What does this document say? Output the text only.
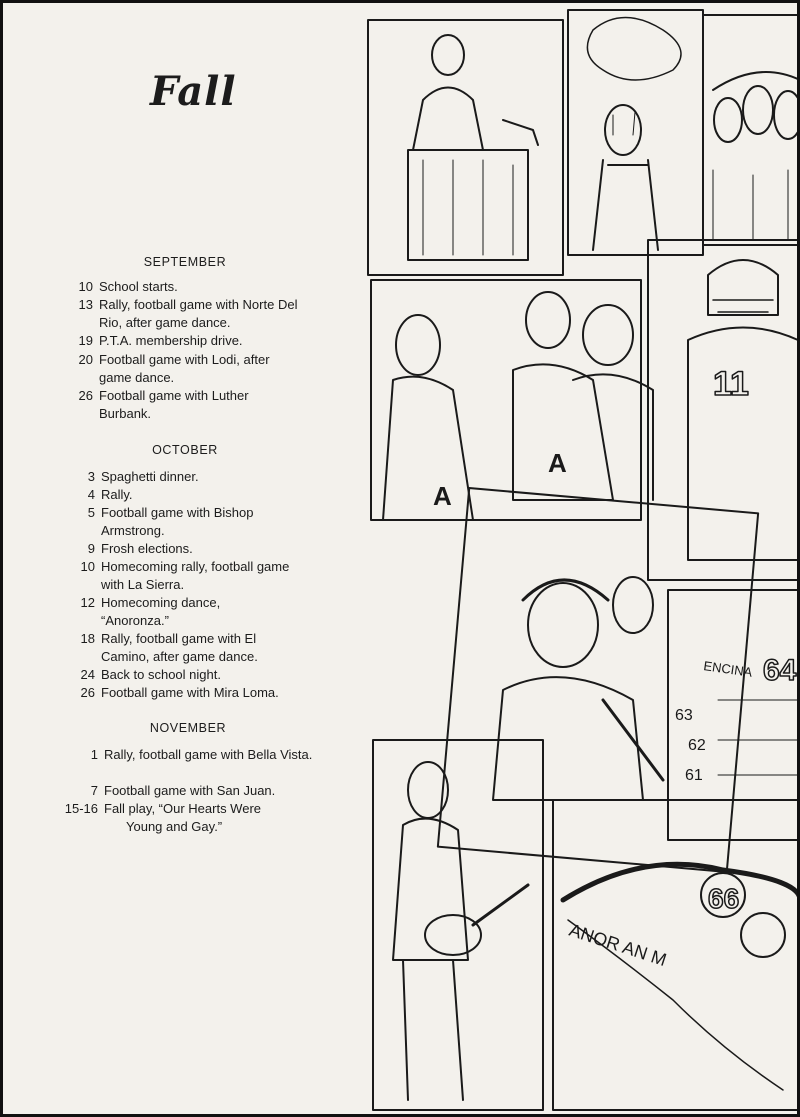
Fall
SEPTEMBER
10 School starts.
13 Rally, football game with Norte Del Rio, after game dance.
19 P.T.A. membership drive.
20 Football game with Lodi, after game dance.
26 Football game with Luther Burbank.
OCTOBER
3 Spaghetti dinner.
4 Rally.
5 Football game with Bishop Armstrong.
9 Frosh elections.
10 Homecoming rally, football game with La Sierra.
12 Homecoming dance, “Anoronza.”
18 Rally, football game with El Camino, after game dance.
24 Back to school night.
26 Football game with Mira Loma.
NOVEMBER
1 Rally, football game with Bella Vista.
7 Football game with San Juan.
15-16 Fall play, “Our Hearts Were Young and Gay.”
A
A
11
ENCINA 64
63
62
61
ANOR AN M
66
